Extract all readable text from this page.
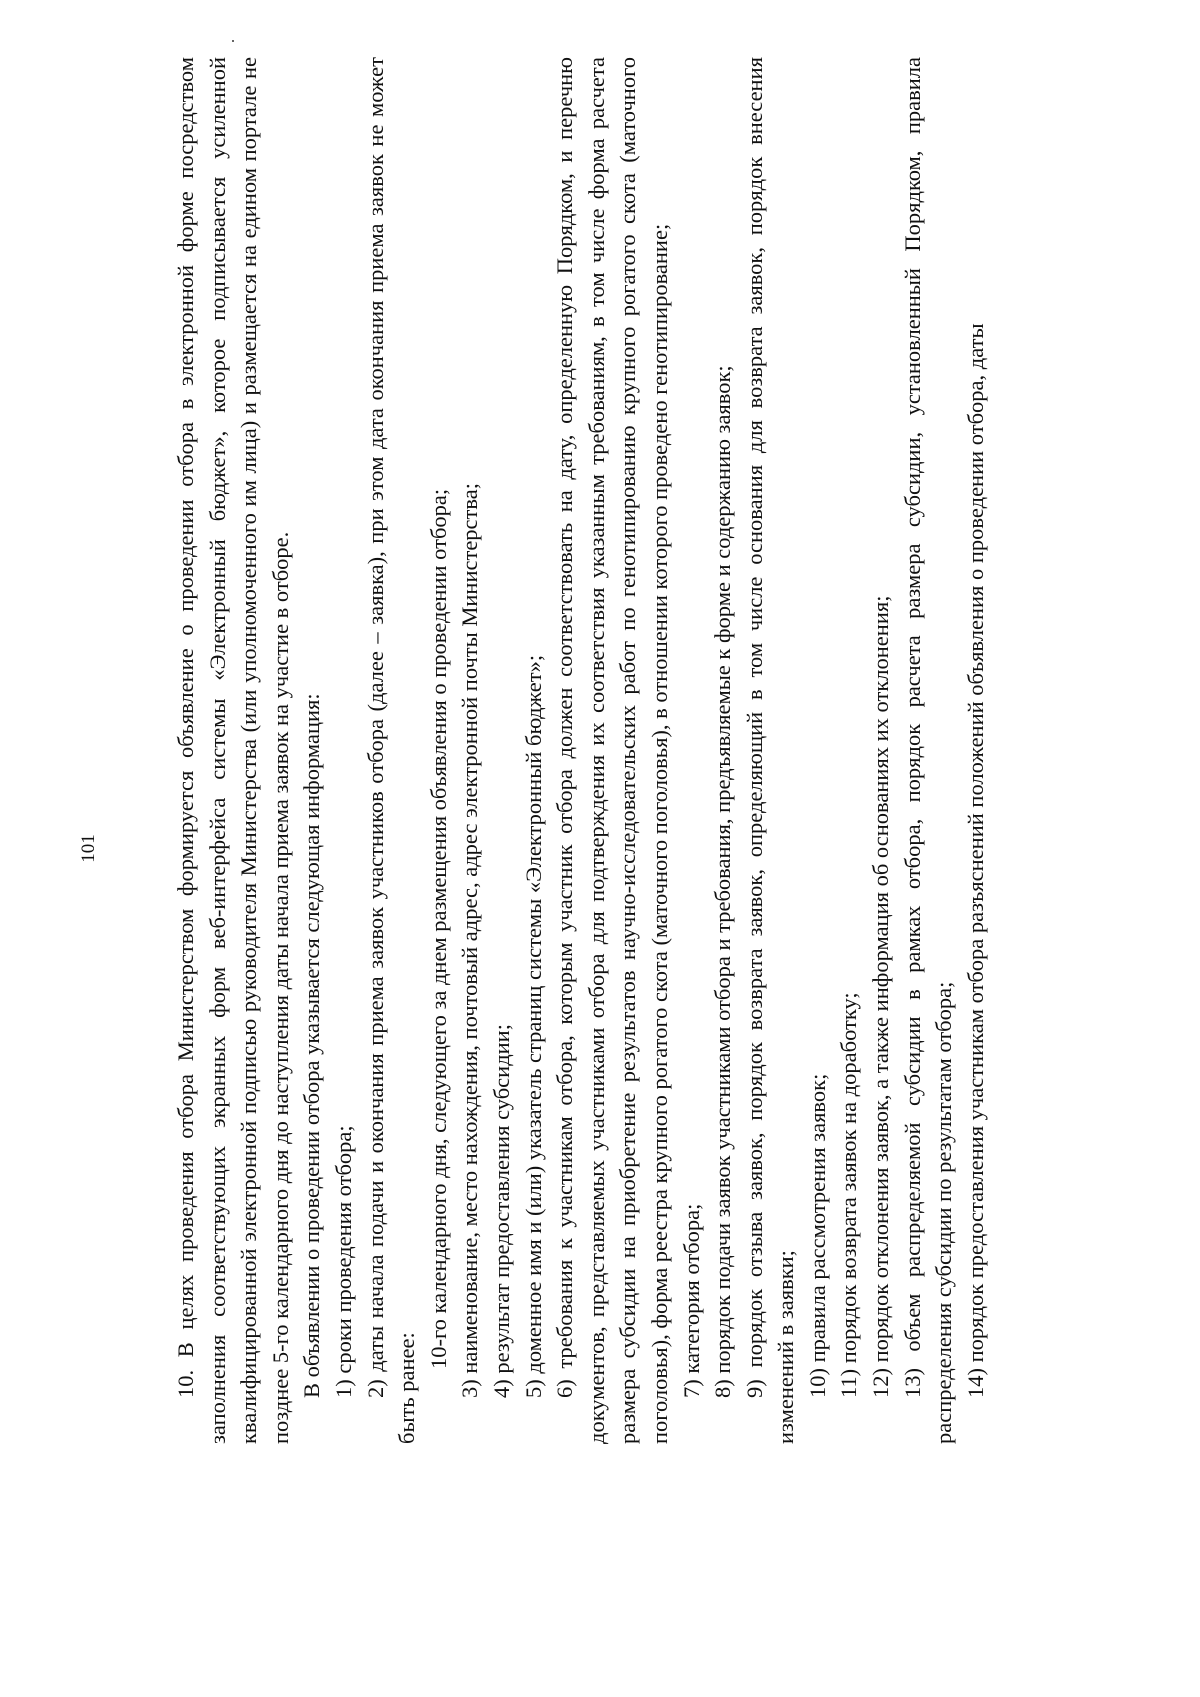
101	10. В целях проведения отбора Министерством формируется объявление о проведении отбора в электронной форме посредством заполнения соответствующих экранных форм веб-интерфейса системы «Электронный бюджет», которое подписывается усиленной квалифицированной электронной подписью руководителя Министерства (или уполномоченного им лица) и размещается на едином портале не позднее 5-го календарного дня до наступления даты начала приема заявок на участие в отборе. В объявлении о проведении отбора указывается следующая информация: 1) сроки проведения отбора; 2) даты начала подачи и окончания приема заявок участников отбора (далее – заявка), при этом дата окончания приема заявок не может быть ранее:

10-го календарного дня, следующего за днем размещения объявления о проведении отбора; 3) наименование, место нахождения, почтовый адрес, адрес электронной почты Министерства; 4) результат предоставления субсидии; 5) доменное имя и (или) указатель страниц системы «Электронный бюджет»; 6) требования к участникам отбора, которым участник отбора должен соответствовать на дату, определенную Порядком, и перечню документов, представляемых участниками отбора для подтверждения их соответствия указанным требованиям, в том числе форма расчета размера субсидии на приобретение результатов научно-исследовательских работ по генотипированию крупного рогатого скота (маточного поголовья), форма реестра крупного рогатого скота (маточного поголовья), в отношении которого проведено генотипирование; 7) категория отбора; 8) порядок подачи заявок участниками отбора и требования, предъявляемые к форме и содержанию заявок; 9) порядок отзыва заявок, порядок возврата заявок, определяющий в том числе основания для возврата заявок, порядок внесения изменений в заявки; 10) правила рассмотрения заявок; 11) порядок возврата заявок на доработку; 12) порядок отклонения заявок, а также информация об основаниях их отклонения; 13) объем распределяемой субсидии в рамках отбора, порядок расчета размера субсидии, установленный Порядком, правила распределения субсидии по результатам отбора; 14) порядок предоставления участникам отбора разъяснений положений объявления о проведении отбора, даты
